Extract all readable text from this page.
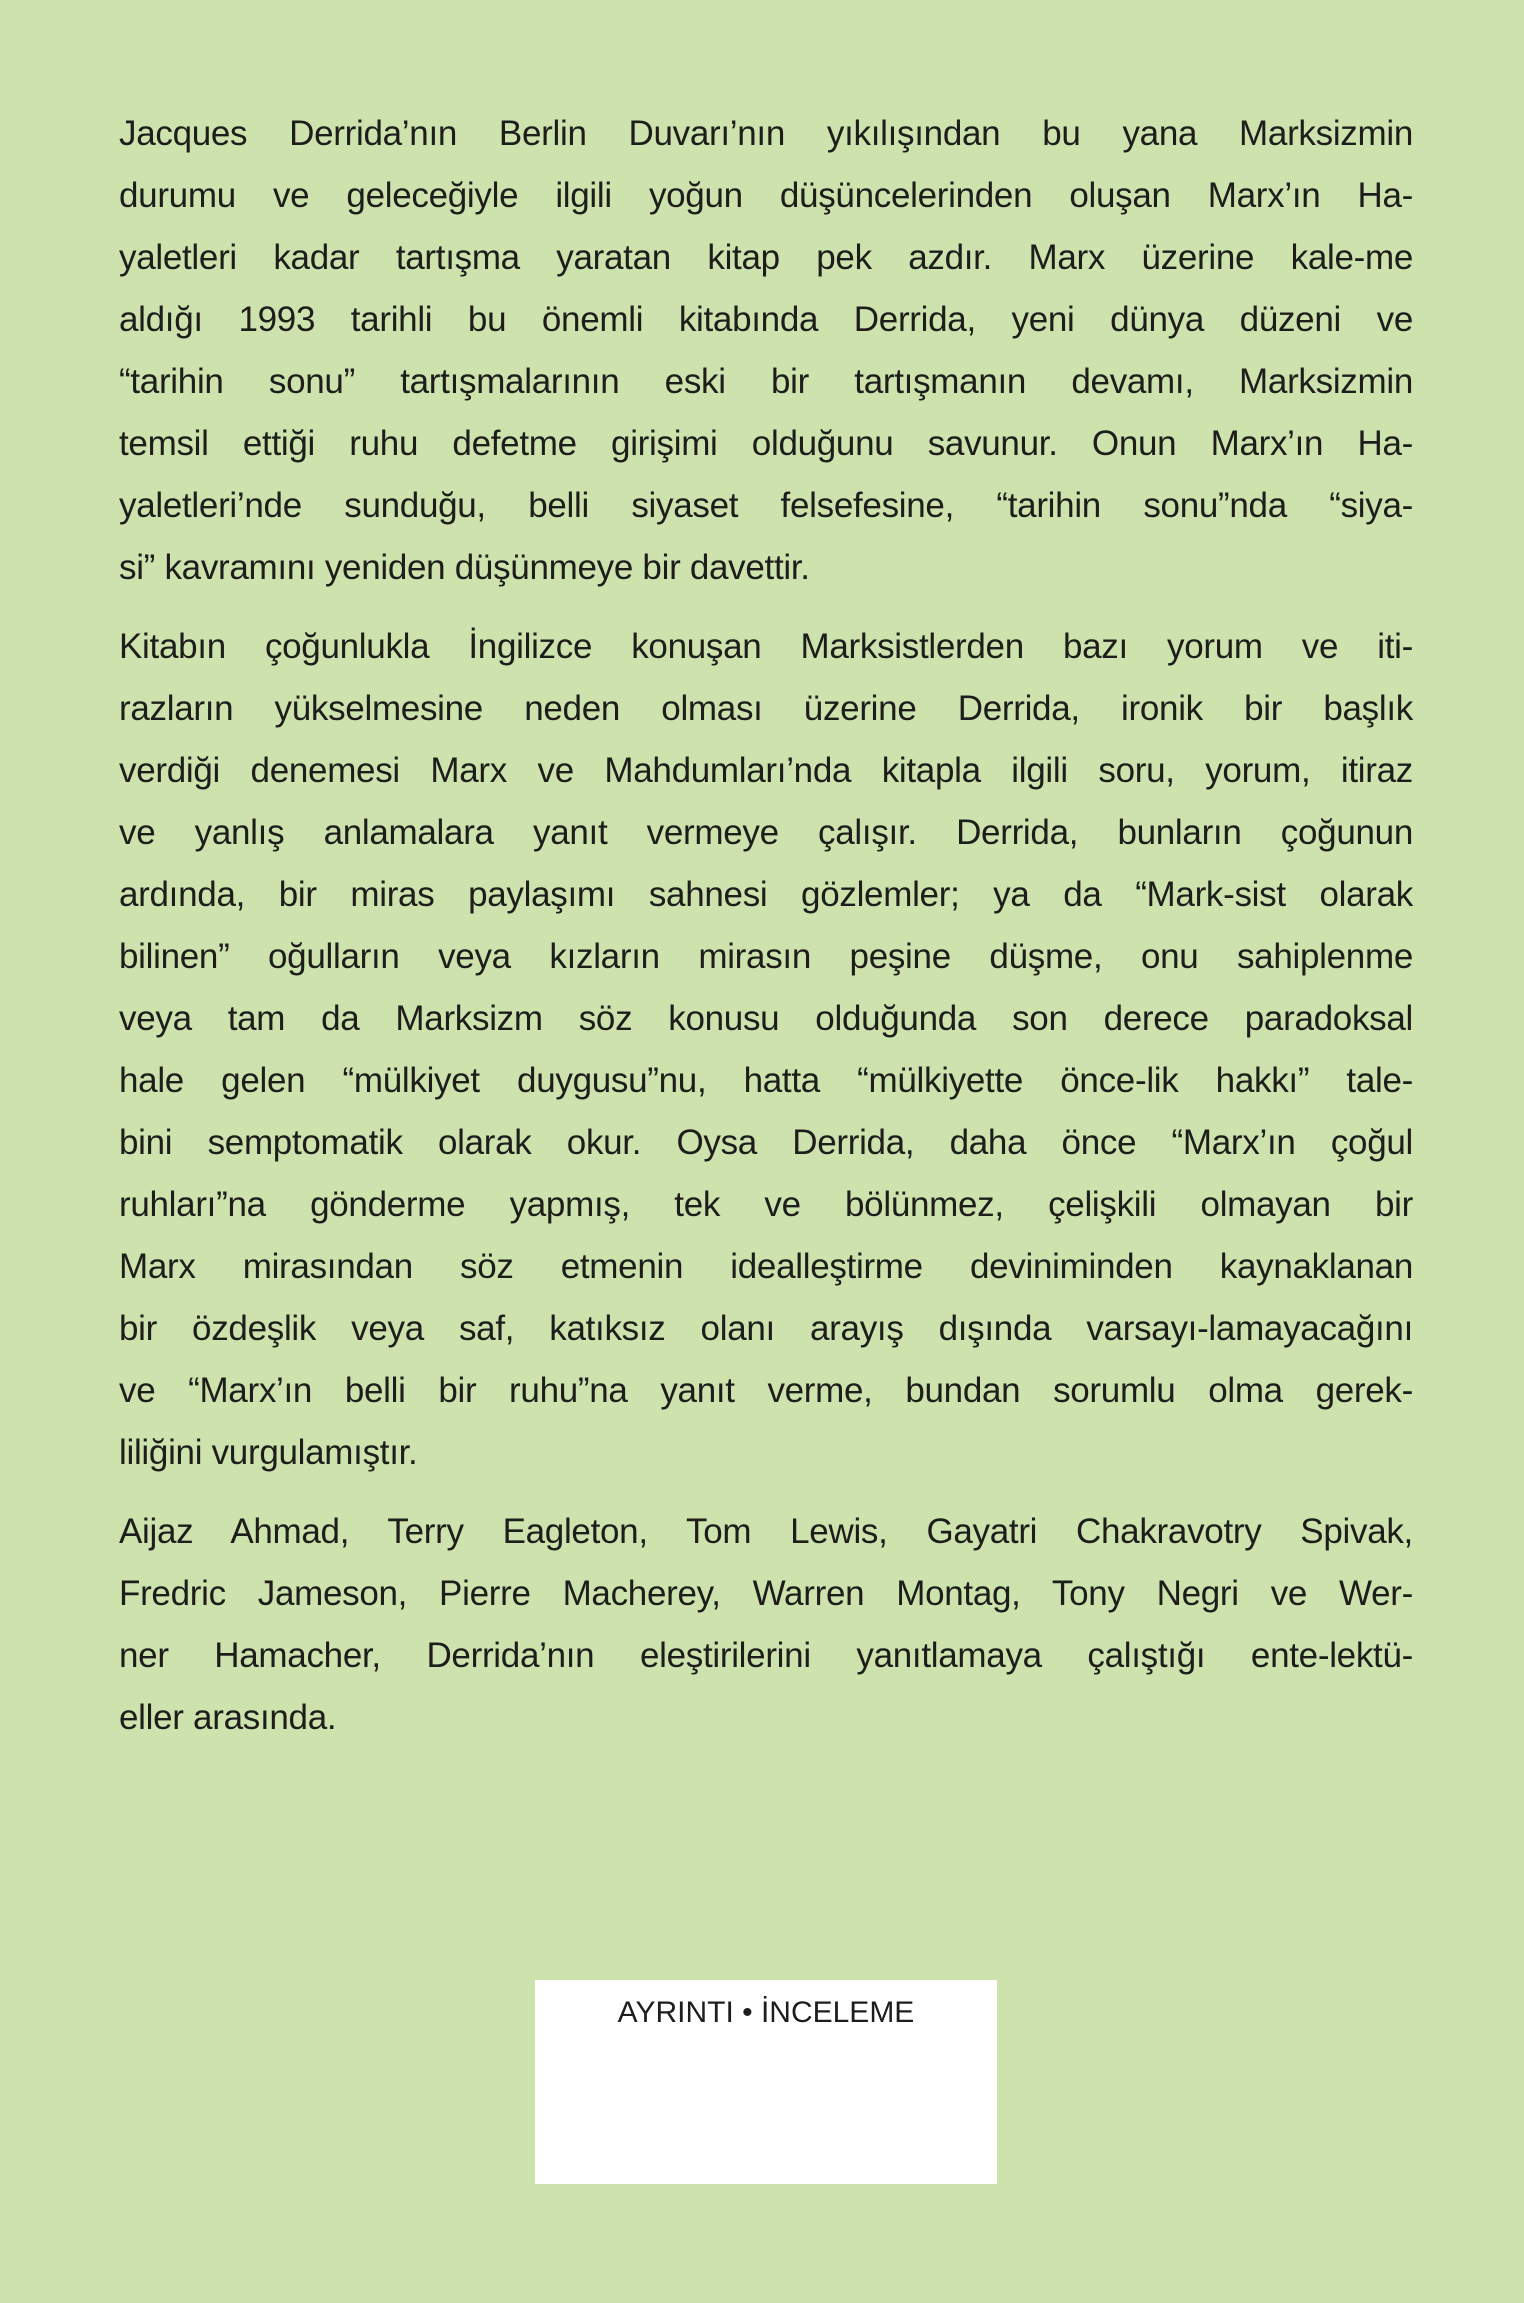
Jacques Derrida’nın Berlin Duvarı’nın yıkılışından bu yana Marksizmin
durumu ve geleceğiyle ilgili yoğun düşüncelerinden oluşan Marx’ın Ha-
yaletleri kadar tartışma yaratan kitap pek azdır. Marx üzerine kale-me
aldığı 1993 tarihli bu önemli kitabında Derrida, yeni dünya düzeni ve
“tarihin sonu” tartışmalarının eski bir tartışmanın devamı, Marksizmin
temsil ettiği ruhu defetme girişimi olduğunu savunur. Onun Marx’ın Ha-
yaletleri’nde sunduğu, belli siyaset felsefesine, “tarihin sonu”nda “siya-
si” kavramını yeniden düşünmeye bir davettir.
Kitabın çoğunlukla İngilizce konuşan Marksistlerden bazı yorum ve iti-
razların yükselmesine neden olması üzerine Derrida, ironik bir başlık
verdiği denemesi Marx ve Mahdumları’nda kitapla ilgili soru, yorum, itiraz
ve yanlış anlamalara yanıt vermeye çalışır. Derrida, bunların çoğunun
ardında, bir miras paylaşımı sahnesi gözlemler; ya da “Mark-sist olarak
bilinen” oğulların veya kızların mirasın peşine düşme, onu sahiplenme
veya tam da Marksizm söz konusu olduğunda son derece paradoksal
hale gelen “mülkiyet duygusu”nu, hatta “mülkiyette önce-lik hakkı” tale-
bini semptomatik olarak okur. Oysa Derrida, daha önce “Marx’ın çoğul
ruhları”na gönderme yapmış, tek ve bölünmez, çelişkili olmayan bir
Marx mirasından söz etmenin idealleştirme deviniminden kaynaklanan
bir özdeşlik veya saf, katıksız olanı arayış dışında varsayı-lamayacağını
ve “Marx’ın belli bir ruhu”na yanıt verme, bundan sorumlu olma gerek-
liliğini vurgulamıştır.
Aijaz Ahmad, Terry Eagleton, Tom Lewis, Gayatri Chakravotry Spivak,
Fredric Jameson, Pierre Macherey, Warren Montag, Tony Negri ve Wer-
ner Hamacher, Derrida’nın eleştirilerini yanıtlamaya çalıştığı ente-lektü-
eller arasında.
AYRINTI • İNCELEME
